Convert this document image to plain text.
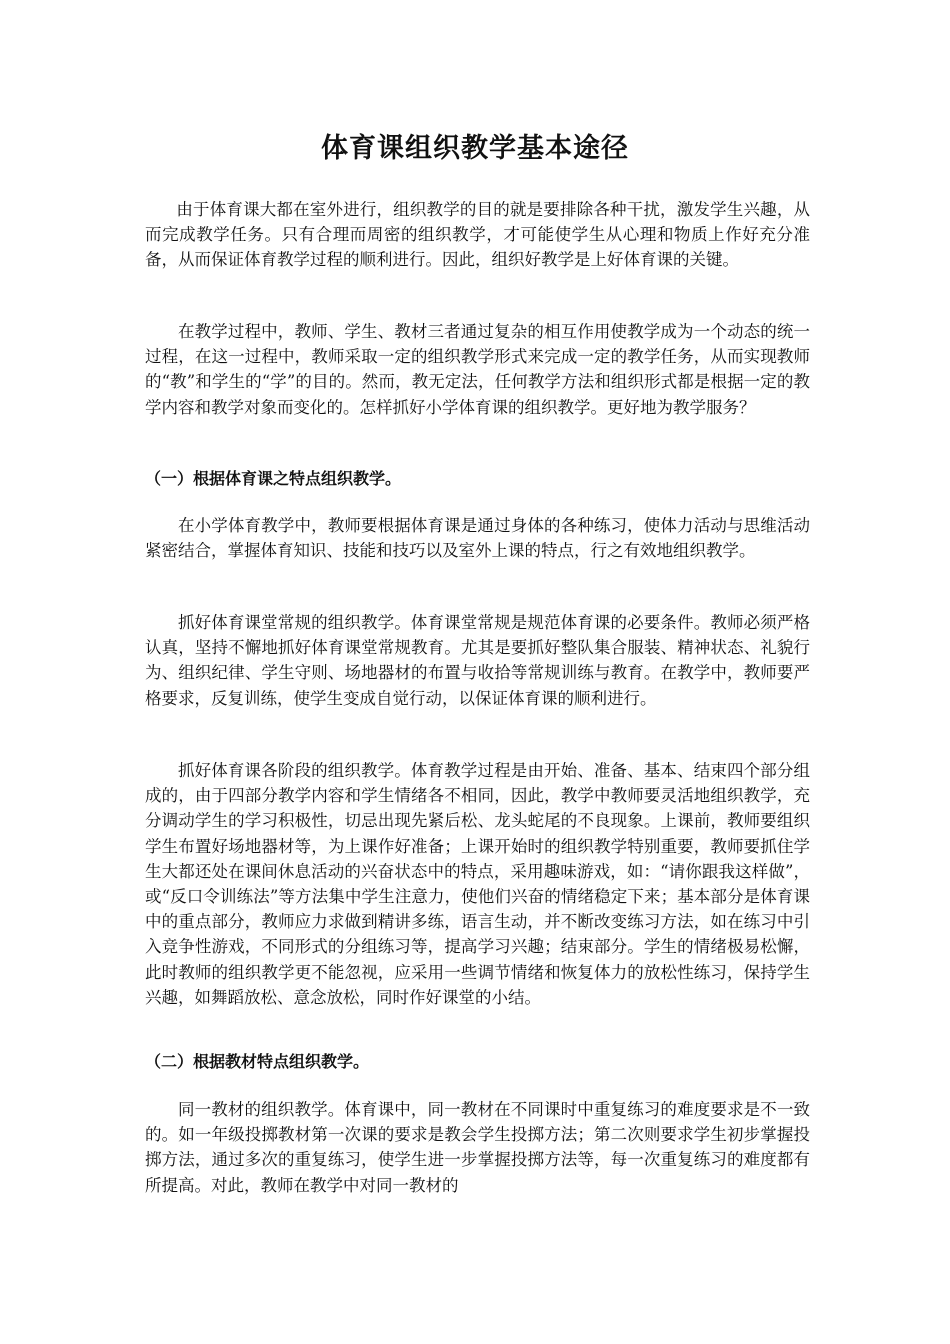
体育课组织教学基本途径

由于体育课大都在室外进行，组织教学的目的就是要排除各种干扰，激发学生兴趣，从而完成教学任务。只有合理而周密的组织教学，才可能使学生从心理和物质上作好充分准备，从而保证体育教学过程的顺利进行。因此，组织好教学是上好体育课的关键。

在教学过程中，教师、学生、教材三者通过复杂的相互作用使教学成为一个动态的统一过程，在这一过程中，教师采取一定的组织教学形式来完成一定的教学任务，从而实现教师的“教”和学生的“学”的目的。然而，教无定法，任何教学方法和组织形式都是根据一定的教学内容和教学对象而变化的。怎样抓好小学体育课的组织教学。更好地为教学服务？

（一）根据体育课之特点组织教学。

在小学体育教学中，教师要根据体育课是通过身体的各种练习，使体力活动与思维活动紧密结合，掌握体育知识、技能和技巧以及室外上课的特点，行之有效地组织教学。

抓好体育课堂常规的组织教学。体育课堂常规是规范体育课的必要条件。教师必须严格认真，坚持不懈地抓好体育课堂常规教育。尤其是要抓好整队集合服装、精神状态、礼貌行为、组织纪律、学生守则、场地器材的布置与收拾等常规训练与教育。在教学中，教师要严格要求，反复训练，使学生变成自觉行动，以保证体育课的顺利进行。

抓好体育课各阶段的组织教学。体育教学过程是由开始、准备、基本、结束四个部分组成的，由于四部分教学内容和学生情绪各不相同，因此，教学中教师要灵活地组织教学，充分调动学生的学习积极性，切忌出现先紧后松、龙头蛇尾的不良现象。上课前，教师要组织学生布置好场地器材等，为上课作好准备；上课开始时的组织教学特别重要，教师要抓住学生大都还处在课间休息活动的兴奋状态中的特点，采用趣味游戏，如：“请你跟我这样做”，或“反口令训练法”等方法集中学生注意力，使他们兴奋的情绪稳定下来；基本部分是体育课中的重点部分，教师应力求做到精讲多练，语言生动，并不断改变练习方法，如在练习中引入竞争性游戏，不同形式的分组练习等，提高学习兴趣；结束部分。学生的情绪极易松懈，此时教师的组织教学更不能忽视，应采用一些调节情绪和恢复体力的放松性练习，保持学生兴趣，如舞蹈放松、意念放松，同时作好课堂的小结。

（二）根据教材特点组织教学。

同一教材的组织教学。体育课中，同一教材在不同课时中重复练习的难度要求是不一致的。如一年级投掷教材第一次课的要求是教会学生投掷方法；第二次则要求学生初步掌握投掷方法，通过多次的重复练习，使学生进一步掌握投掷方法等，每一次重复练习的难度都有所提高。对此，教师在教学中对同一教材的
